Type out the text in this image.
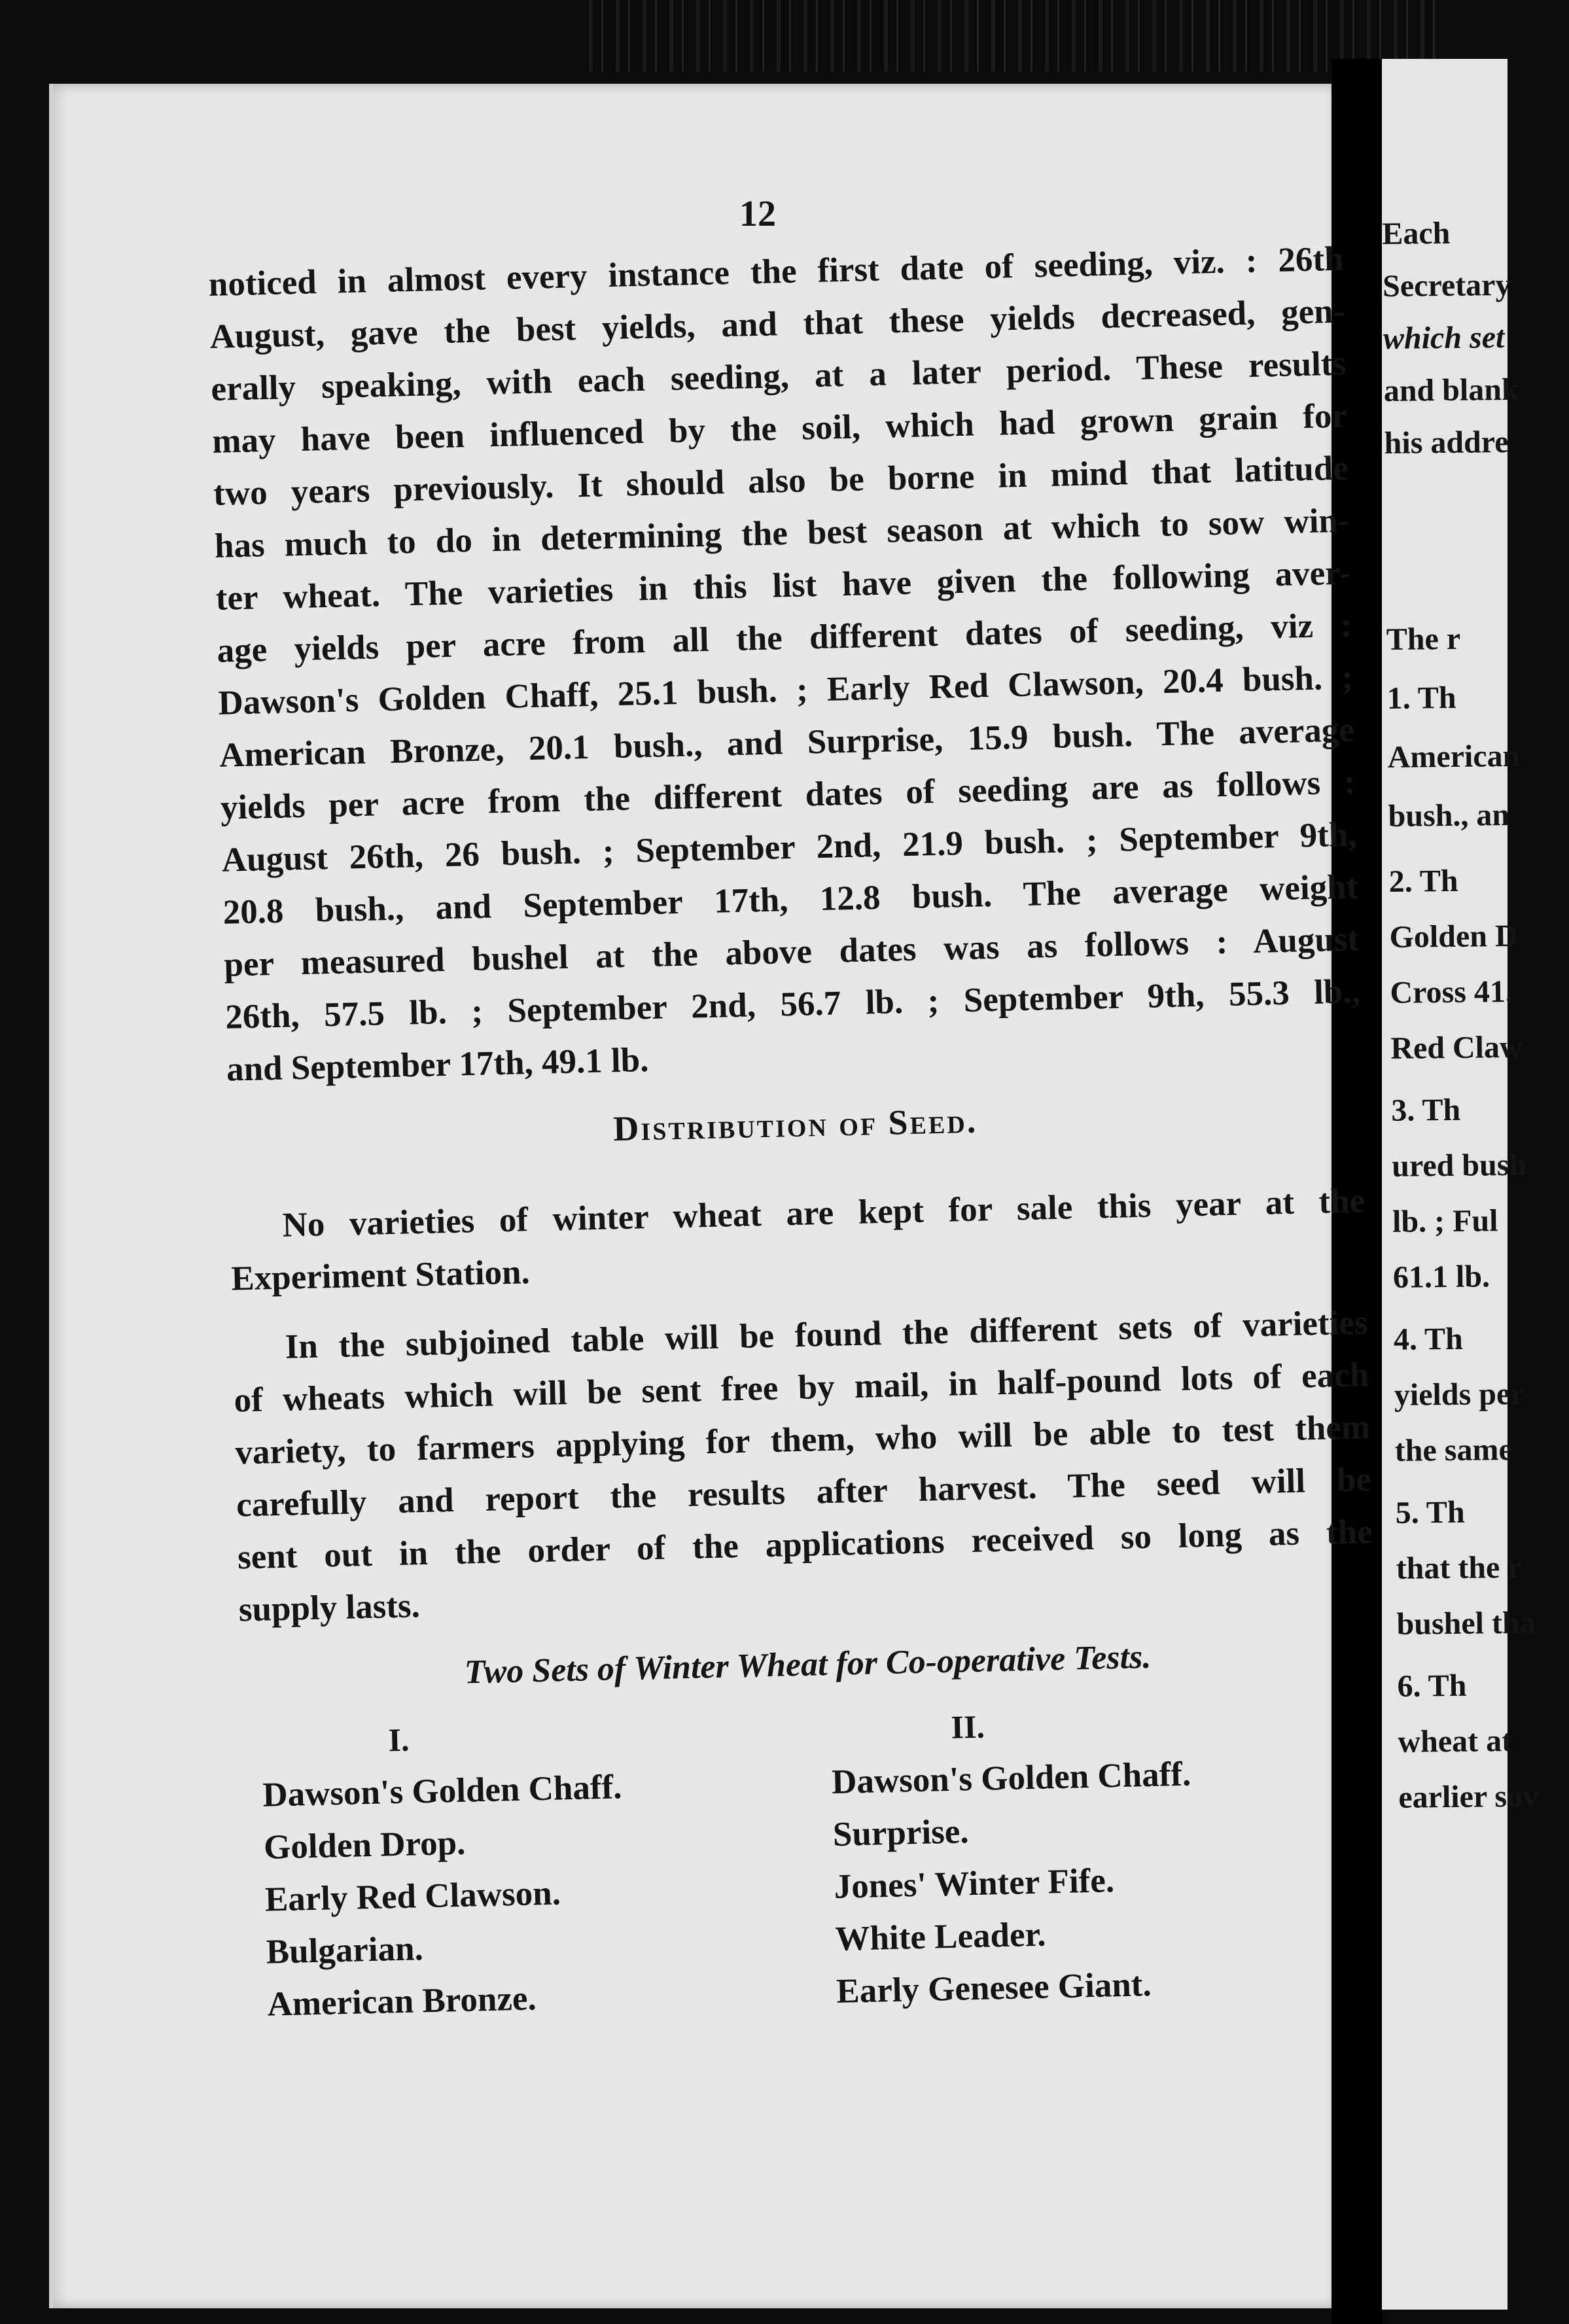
12
noticed in almost every instance the first date of seeding, viz. : 26th
August, gave the best yields, and that these yields decreased, gen-
erally speaking, with each seeding, at a later period. These results
may have been influenced by the soil, which had grown grain for
two years previously. It should also be borne in mind that latitude
has much to do in determining the best season at which to sow win-
ter wheat. The varieties in this list have given the following aver-
age yields per acre from all the different dates of seeding, viz :
Dawson's Golden Chaff, 25.1 bush. ; Early Red Clawson, 20.4 bush. ;
American Bronze, 20.1 bush., and Surprise, 15.9 bush. The average
yields per acre from the different dates of seeding are as follows :
August 26th, 26 bush. ; September 2nd, 21.9 bush. ; September 9th,
20.8 bush., and September 17th, 12.8 bush. The average weight
per measured bushel at the above dates was as follows : August
26th, 57.5 lb. ; September 2nd, 56.7 lb. ; September 9th, 55.3 lb.,
and September 17th, 49.1 lb.
Distribution of Seed.
No varieties of winter wheat are kept for sale this year at the
Experiment Station.
In the subjoined table will be found the different sets of varieties
of wheats which will be sent free by mail, in half-pound lots of each
variety, to farmers applying for them, who will be able to test them
carefully and report the results after harvest. The seed will be
sent out in the order of the applications received so long as the
supply lasts.
Two Sets of Winter Wheat for Co-operative Tests.
I.
Dawson's Golden Chaff.
Golden Drop.
Early Red Clawson.
Bulgarian.
American Bronze.
II.
Dawson's Golden Chaff.
Surprise.
Jones' Winter Fife.
White Leader.
Early Genesee Giant.
Each
Secretary
which set
and blank
his addre
The r
1. Th
American
bush., an
2. Th
Golden D
Cross 41.
Red Claw
3. Th
ured bush
lb. ; Ful
61.1 lb.
4. Th
yields per
the same
5. Th
that the r
bushel tha
6. Th
wheat at
earlier sov
